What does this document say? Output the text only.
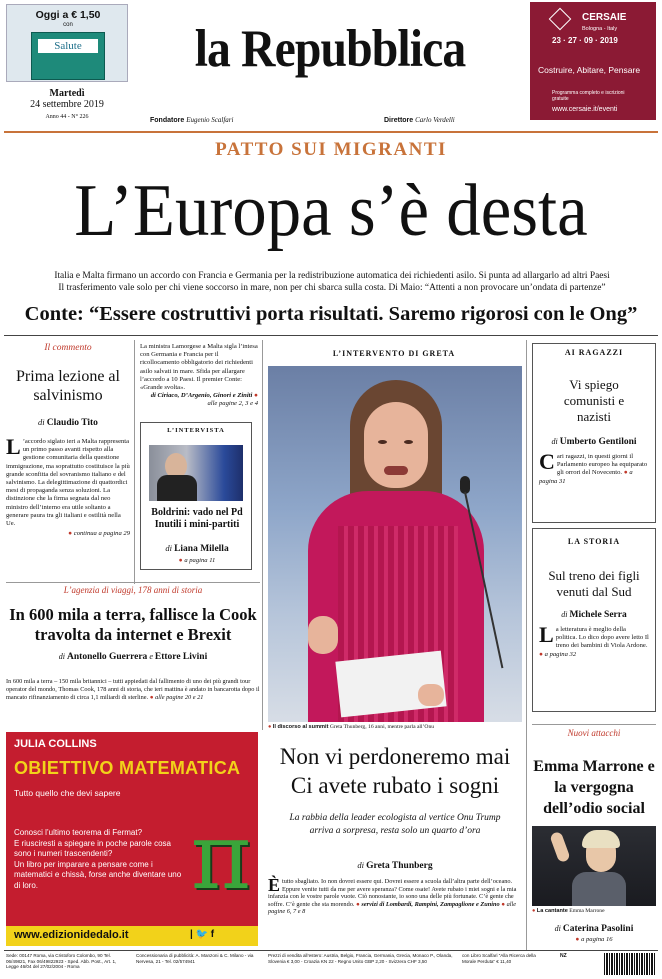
Oggi a € 1,50
con
Salute
Martedì
24 settembre 2019
Anno 44 - N° 226
la Repubblica
Fondatore Eugenio Scalfari	Direttore Carlo Verdelli
CERSAIE
Bologna - Italy
23 · 27 · 09 · 2019
Costruire, Abitare, Pensare
Programma completo e iscrizioni gratuite
www.cersaie.it/eventi
PATTO SUI MIGRANTI
L’Europa s’è desta
Italia e Malta firmano un accordo con Francia e Germania per la redistribuzione automatica dei richiedenti asilo. Si punta ad allargarlo ad altri Paesi
Il trasferimento vale solo per chi viene soccorso in mare, non per chi sbarca sulla costa. Di Maio: “Attenti a non provocare un’ondata di partenze”
Conte: “Essere costruttivi porta risultati. Saremo rigorosi con le Ong”
Il commento
Prima lezione al salvinismo
di Claudio Tito
L ’accordo siglato ieri a Malta rappresenta un primo passo avanti rispetto alla gestione comunitaria della questione immigrazione, ma soprattutto costituisce la più grande sconfitta del sovranismo italiano e del salvinismo. La delegittimazione di quattordici mesi di propaganda senza soluzioni. La distinzione che la firma segnata dal neo ministro dell’interno era utile soltanto a generare paura tra gli italiani e ostilità nella Ue.
● continua a pagina 29
La ministra Lamorgese a Malta sigla l’intesa con Germania e Francia per il ricollocamento obbligatorio dei richiedenti asilo salvati in mare. Sfida per allargare l’accordo a 10 Paesi. Il premier Conte: «Grande svolta».
di Ciriaco, D’Argenio, Ginori e Ziniti ● alle pagine 2, 3 e 4
L’INTERVISTA
Boldrini: vado nel Pd Inutili i mini-partiti
di Liana Milella
● a pagina 11
L’INTERVENTO DI GRETA
● Il discorso al summit Greta Thunberg, 16 anni, mentre parla all’Onu
Non vi perdoneremo mai Ci avete rubato i sogni
La rabbia della leader ecologista al vertice Onu Trump arriva a sorpresa, resta solo un quarto d’ora
di Greta Thunberg
È tutto sbagliato. Io non dovrei essere qui. Dovrei essere a scuola dall’altra parte dell’oceano. Eppure venite tutti da me per avere speranza? Come osate! Avete rubato i miei sogni e la mia infanzia con le vostre parole vuote. Ciò nonostante, io sono una delle più fortunate. C’è gente che soffre. C’è gente che sta morendo. ● servizi di Lombardi, Rampini, Zampaglione e Zunino ● alle pagine 6, 7 e 8
L’agenzia di viaggi, 178 anni di storia
In 600 mila a terra, fallisce la Cook travolta da internet e Brexit
di Antonello Guerrera e Ettore Livini
In 600 mila a terra – 150 mila britannici – tutti appiedati dal fallimento di uno dei più grandi tour operator del mondo, Thomas Cook, 178 anni di storia, che ieri mattina è andato in bancarotta dopo il mancato rifinanziamento di circa 1,1 miliardi di sterline. ● alle pagine 20 e 21
AI RAGAZZI
Vi spiego comunisti e nazisti
di Umberto Gentiloni
Cari ragazzi, in questi giorni il Parlamento europeo ha equiparato gli orrori del Novecento. ● a pagina 31
LA STORIA
Sul treno dei figli venuti dal Sud
di Michele Serra
La letteratura è meglio della politica. Lo dico dopo avere letto Il treno dei bambini di Viola Ardone. ● a pagina 32
Nuovi attacchi
Emma Marrone e la vergogna dell’odio social
● La cantante Emma Marrone
di Caterina Pasolini
● a pagina 16
JULIA COLLINS
OBIETTIVO MATEMATICA
Tutto quello che devi sapere
Conosci l’ultimo teorema di Fermat?
E riusciresti a spiegare in poche parole cosa sono i numeri trascendenti?
Un libro per imparare a pensare come i matematici e chissà, forse anche diventare uno di loro.	π
www.edizionidedalo.it	| 🐦 f
Sede: 00147 Roma, via Cristoforo Colombo, 90 Tel. 06/49821, Fax 06/49822923 - Sped. Abb. Post., Art. 1, Legge 46/04 del 27/02/2004 - Roma
Concessionaria di pubblicità: A. Manzoni & C. Milano - via Nervesa, 21 - Tel. 02/574941
Prezzi di vendita all’estero: Austria, Belgio, Francia, Germania, Grecia, Monaco P., Olanda, Slovenia € 3,00 - Croazia KN 22 - Regno Unito GBP 2,20 - Svizzera CHF 3,50
con Libro Scalfari “Alla Ricerca della Morale Perduta” € 11,40
NZ
